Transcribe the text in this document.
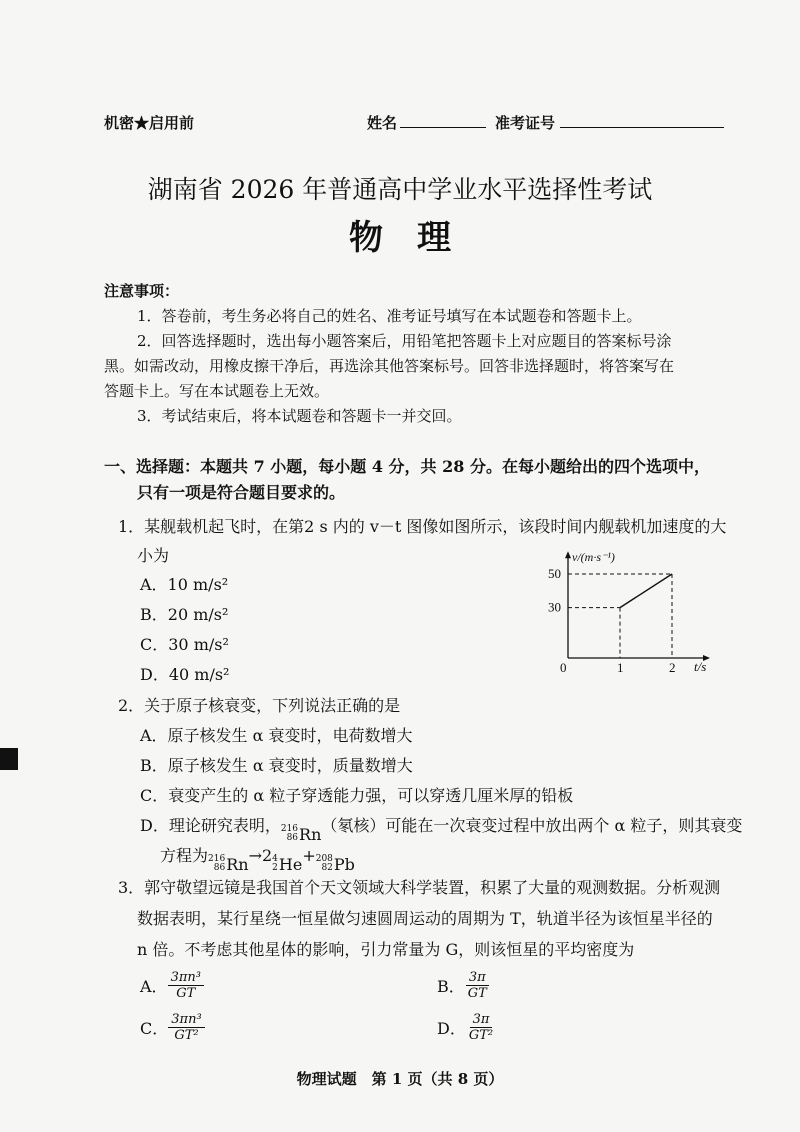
机密★启用前	姓名	准考证号
湖南省 2026 年普通高中学业水平选择性考试
物　理
注意事项：
1．答卷前，考生务必将自己的姓名、准考证号填写在本试题卷和答题卡上。
2．回答选择题时，选出每小题答案后，用铅笔把答题卡上对应题目的答案标号涂
黑。如需改动，用橡皮擦干净后，再选涂其他答案标号。回答非选择题时，将答案写在
答题卡上。写在本试题卷上无效。
3．考试结束后，将本试题卷和答题卡一并交回。
一、选择题：本题共 7 小题，每小题 4 分，共 28 分。在每小题给出的四个选项中，
只有一项是符合题目要求的。
1．某舰载机起飞时，在第2 s 内的 v－t 图像如图所示，该段时间内舰载机加速度的大
小为
A．10 m/s²
B．20 m/s²
C．30 m/s²
D．40 m/s²
v/(m·s⁻¹)
t/s
0	1	2
30
50
2．关于原子核衰变，下列说法正确的是
A．原子核发生 α 衰变时，电荷数增大
B．原子核发生 α 衰变时，质量数增大
C．衰变产生的 α 粒子穿透能力强，可以穿透几厘米厚的铅板
D．理论研究表明， 216
86 Rn （氡核）可能在一次衰变过程中放出两个 α 粒子，则其衰变
方程为 216
86 Rn →2 4
2 He + 208
82 Pb
3．郭守敬望远镜是我国首个天文领域大科学装置，积累了大量的观测数据。分析观测
数据表明，某行星绕一恒星做匀速圆周运动的周期为 T，轨道半径为该恒星半径的
n 倍。不考虑其他星体的影响，引力常量为 G，则该恒星的平均密度为
A． $\frac{\text{3πn³}}{GT}$	B． $\frac{3\pi}{GT}$
C． $\frac{\text{3πn³}}{\text{GT²}}$	D． $\frac{3\pi}{\text{GT²}}$
物理试题　第 1 页（共 8 页）
